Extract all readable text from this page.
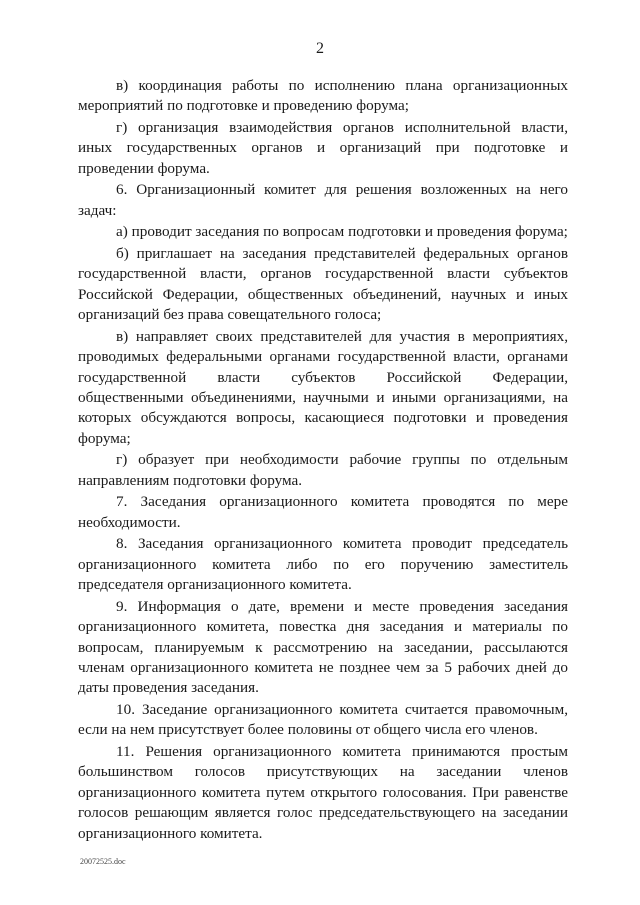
2

в) координация работы по исполнению плана организационных мероприятий по подготовке и проведению форума;

г) организация взаимодействия органов исполнительной власти, иных государственных органов и организаций при подготовке и проведении форума.

6. Организационный комитет для решения возложенных на него задач:

а) проводит заседания по вопросам подготовки и проведения форума;

б) приглашает на заседания представителей федеральных органов государственной власти, органов государственной власти субъектов Российской Федерации, общественных объединений, научных и иных организаций без права совещательного голоса;

в) направляет своих представителей для участия в мероприятиях, проводимых федеральными органами государственной власти, органами государственной власти субъектов Российской Федерации, общественными объединениями, научными и иными организациями, на которых обсуждаются вопросы, касающиеся подготовки и проведения форума;

г) образует при необходимости рабочие группы по отдельным направлениям подготовки форума.

7. Заседания организационного комитета проводятся по мере необходимости.

8. Заседания организационного комитета проводит председатель организационного комитета либо по его поручению заместитель председателя организационного комитета.

9. Информация о дате, времени и месте проведения заседания организационного комитета, повестка дня заседания и материалы по вопросам, планируемым к рассмотрению на заседании, рассылаются членам организационного комитета не позднее чем за 5 рабочих дней до даты проведения заседания.

10. Заседание организационного комитета считается правомочным, если на нем присутствует более половины от общего числа его членов.

11. Решения организационного комитета принимаются простым большинством голосов присутствующих на заседании членов организационного комитета путем открытого голосования. При равенстве голосов решающим является голос председательствующего на заседании организационного комитета.

20072525.doc
